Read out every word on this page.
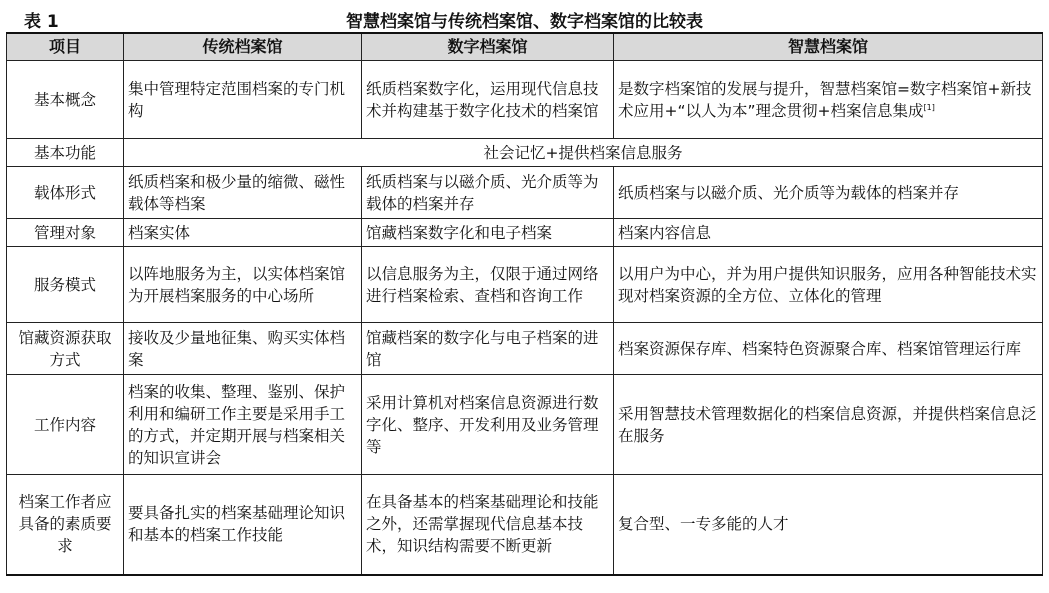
表 1	智慧档案馆与传统档案馆、数字档案馆的比较表
项目	传统档案馆	数字档案馆	智慧档案馆
基本概念	集中管理特定范围档案的专门机构	纸质档案数字化，运用现代信息技术并构建基于数字化技术的档案馆	是数字档案馆的发展与提升，智慧档案馆=数字档案馆+新技术应用+“以人为本”理念贯彻+档案信息集成[1]
基本功能	社会记忆+提供档案信息服务		
载体形式	纸质档案和极少量的缩微、磁性载体等档案	纸质档案与以磁介质、光介质等为载体的档案并存	纸质档案与以磁介质、光介质等为载体的档案并存
管理对象	档案实体	馆藏档案数字化和电子档案	档案内容信息
服务模式	以阵地服务为主，以实体档案馆为开展档案服务的中心场所	以信息服务为主，仅限于通过网络进行档案检索、查档和咨询工作	以用户为中心，并为用户提供知识服务，应用各种智能技术实现对档案资源的全方位、立体化的管理
馆藏资源获取方式	接收及少量地征集、购买实体档案	馆藏档案的数字化与电子档案的进馆	档案资源保存库、档案特色资源聚合库、档案馆管理运行库
工作内容	档案的收集、整理、鉴别、保护利用和编研工作主要是采用手工的方式，并定期开展与档案相关的知识宣讲会	采用计算机对档案信息资源进行数字化、整序、开发利用及业务管理等	采用智慧技术管理数据化的档案信息资源，并提供档案信息泛在服务
档案工作者应具备的素质要求	要具备扎实的档案基础理论知识和基本的档案工作技能	在具备基本的档案基础理论和技能之外，还需掌握现代信息基本技术，知识结构需要不断更新	复合型、一专多能的人才
